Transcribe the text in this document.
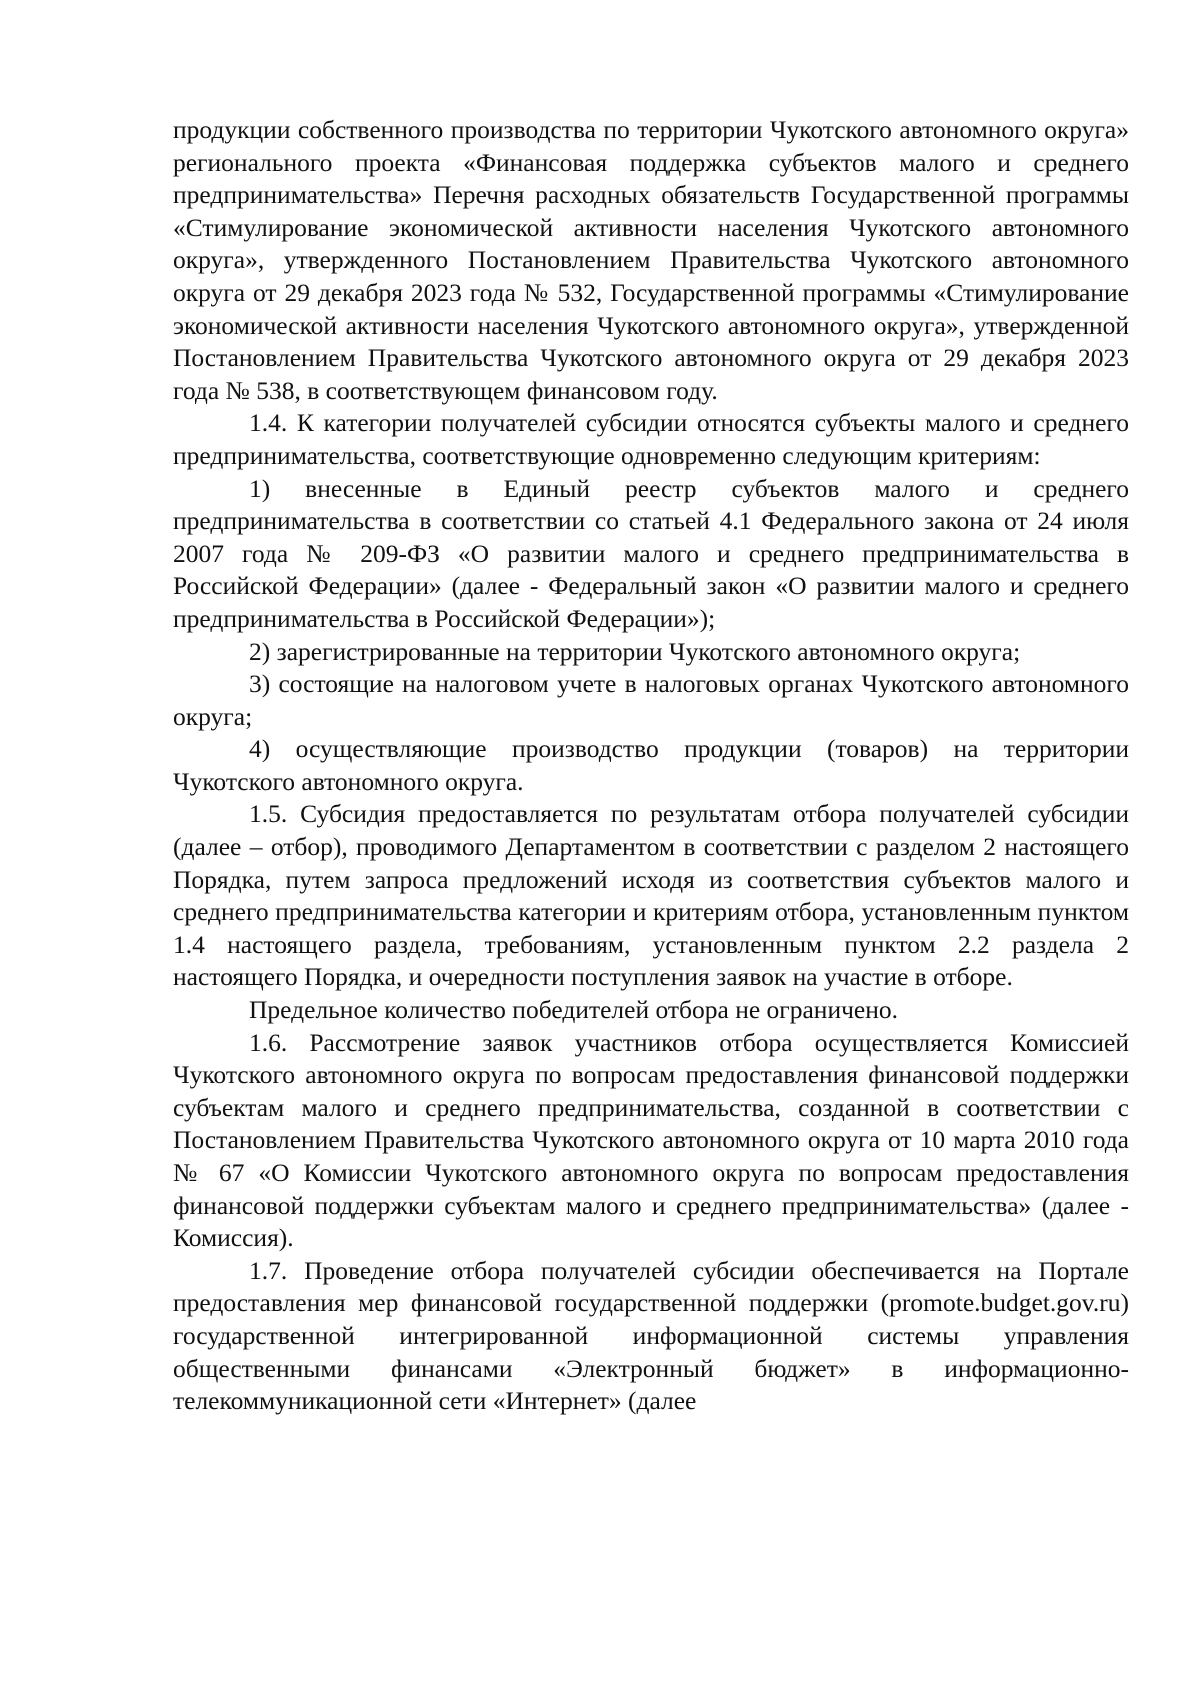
продукции собственного производства по территории Чукотского автономного округа» регионального проекта «Финансовая поддержка субъектов малого и среднего предпринимательства» Перечня расходных обязательств Государственной программы «Стимулирование экономической активности населения Чукотского автономного округа», утвержденного Постановлением Правительства Чукотского автономного округа от 29 декабря 2023 года № 532, Государственной программы «Стимулирование экономической активности населения Чукотского автономного округа», утвержденной Постановлением Правительства Чукотского автономного округа от 29 декабря 2023 года № 538, в соответствующем финансовом году.

1.4. К категории получателей субсидии относятся субъекты малого и среднего предпринимательства, соответствующие одновременно следующим критериям:

1) внесенные в Единый реестр субъектов малого и среднего предпринимательства в соответствии со статьей 4.1 Федерального закона от 24 июля 2007 года № 209-ФЗ «О развитии малого и среднего предпринимательства в Российской Федерации» (далее - Федеральный закон «О развитии малого и среднего предпринимательства в Российской Федерации»);

2) зарегистрированные на территории Чукотского автономного округа;

3) состоящие на налоговом учете в налоговых органах Чукотского автономного округа;

4) осуществляющие производство продукции (товаров) на территории Чукотского автономного округа.

1.5. Субсидия предоставляется по результатам отбора получателей субсидии (далее – отбор), проводимого Департаментом в соответствии с разделом 2 настоящего Порядка, путем запроса предложений исходя из соответствия субъектов малого и среднего предпринимательства категории и критериям отбора, установленным пунктом 1.4 настоящего раздела, требованиям, установленным пунктом 2.2 раздела 2 настоящего Порядка, и очередности поступления заявок на участие в отборе.

Предельное количество победителей отбора не ограничено.

1.6. Рассмотрение заявок участников отбора осуществляется Комиссией Чукотского автономного округа по вопросам предоставления финансовой поддержки субъектам малого и среднего предпринимательства, созданной в соответствии с Постановлением Правительства Чукотского автономного округа от 10 марта 2010 года № 67 «О Комиссии Чукотского автономного округа по вопросам предоставления финансовой поддержки субъектам малого и среднего предпринимательства» (далее - Комиссия).

1.7. Проведение отбора получателей субсидии обеспечивается на Портале предоставления мер финансовой государственной поддержки (promote.budget.gov.ru) государственной интегрированной информационной системы управления общественными финансами «Электронный бюджет» в информационно-телекоммуникационной сети «Интернет» (далее
